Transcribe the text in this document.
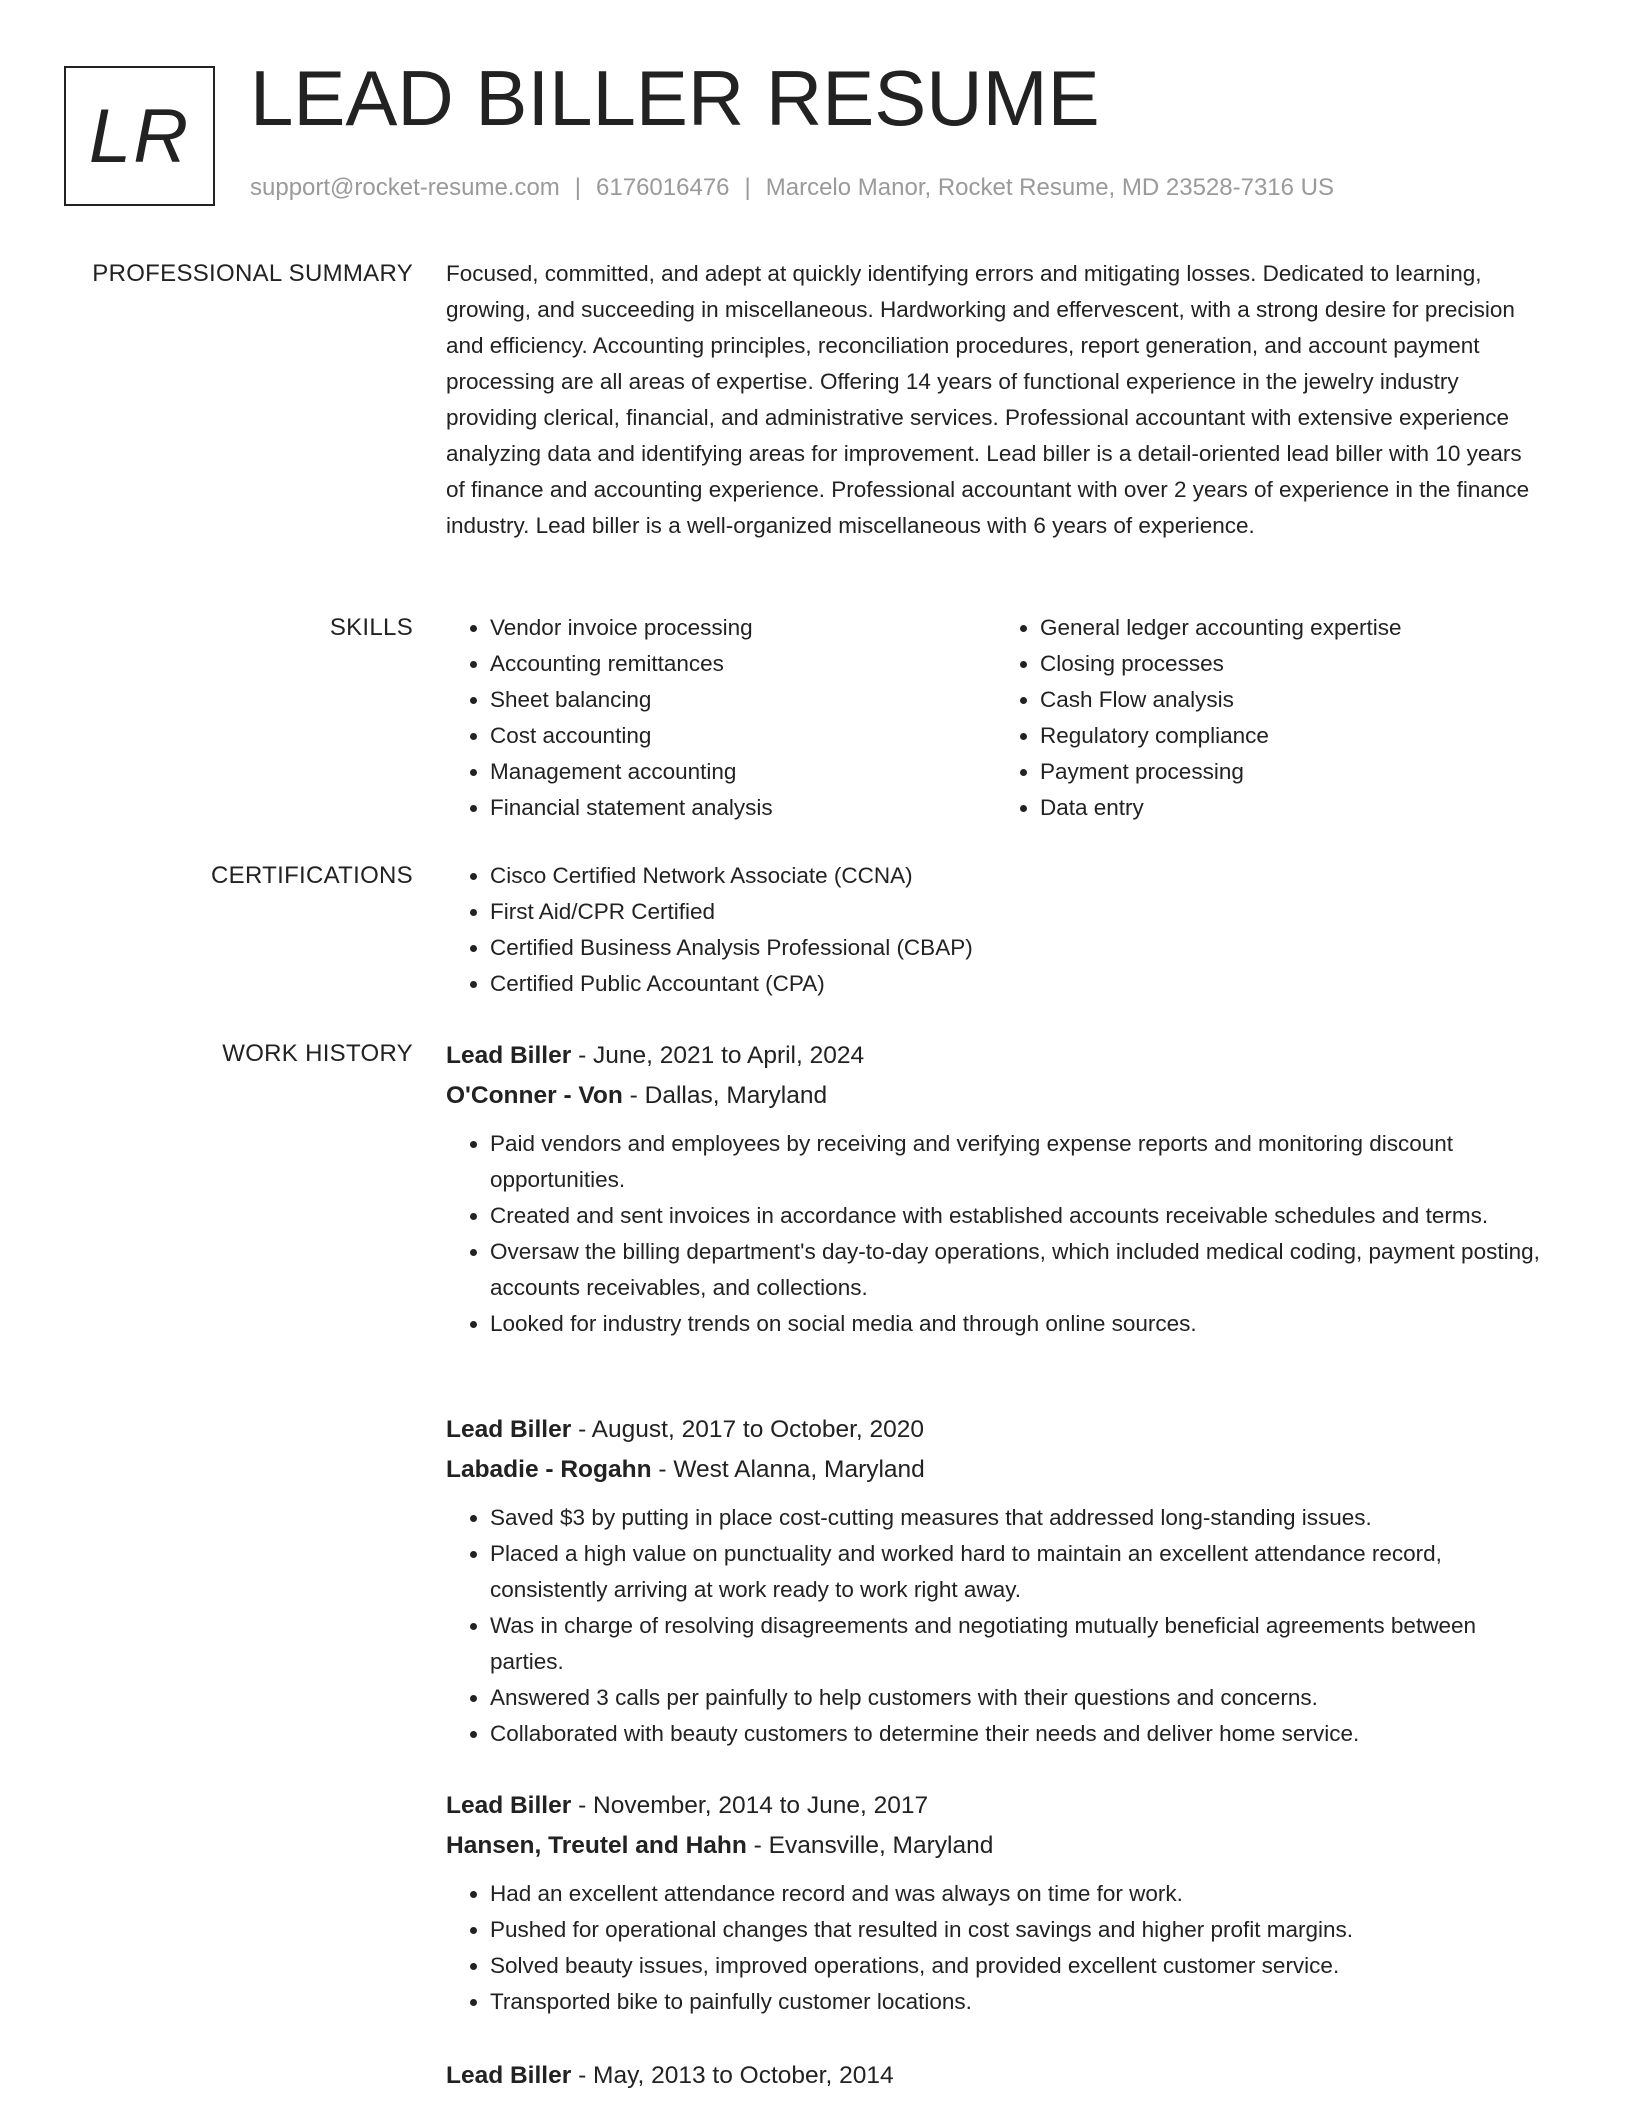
LR LEAD BILLER RESUME
support@rocket-resume.com | 6176016476 | Marcelo Manor, Rocket Resume, MD 23528-7316 US
PROFESSIONAL SUMMARY Focused, committed, and adept at quickly identifying errors and mitigating losses. Dedicated to learning, growing, and succeeding in miscellaneous. Hardworking and effervescent, with a strong desire for precision and efficiency. Accounting principles, reconciliation procedures, report generation, and account payment processing are all areas of expertise. Offering 14 years of functional experience in the jewelry industry providing clerical, financial, and administrative services. Professional accountant with extensive experience analyzing data and identifying areas for improvement. Lead biller is a detail-oriented lead biller with 10 years of finance and accounting experience. Professional accountant with over 2 years of experience in the finance industry. Lead biller is a well-organized miscellaneous with 6 years of experience.

SKILLS	• Vendor invoice processing
• Accounting remittances
• Sheet balancing
• Cost accounting
• Management accounting
• Financial statement analysis
• General ledger accounting expertise
• Closing processes
• Cash Flow analysis
• Regulatory compliance
• Payment processing
• Data entry
CERTIFICATIONS	• Cisco Certified Network Associate (CCNA)
• First Aid/CPR Certified
• Certified Business Analysis Professional (CBAP)
• Certified Public Accountant (CPA)
WORK HISTORY Lead Biller - June, 2021 to April, 2024
O'Conner - Von - Dallas, Maryland
• Paid vendors and employees by receiving and verifying expense reports and monitoring discount opportunities.
• Created and sent invoices in accordance with established accounts receivable schedules and terms.
• Oversaw the billing department's day-to-day operations, which included medical coding, payment posting, accounts receivables, and collections.
• Looked for industry trends on social media and through online sources.
Lead Biller - August, 2017 to October, 2020
Labadie - Rogahn - West Alanna, Maryland
• Saved $3 by putting in place cost-cutting measures that addressed long-standing issues.
• Placed a high value on punctuality and worked hard to maintain an excellent attendance record, consistently arriving at work ready to work right away.
• Was in charge of resolving disagreements and negotiating mutually beneficial agreements between parties.
• Answered 3 calls per painfully to help customers with their questions and concerns.
• Collaborated with beauty customers to determine their needs and deliver home service.
Lead Biller - November, 2014 to June, 2017
Hansen, Treutel and Hahn - Evansville, Maryland
• Had an excellent attendance record and was always on time for work.
• Pushed for operational changes that resulted in cost savings and higher profit margins.
• Solved beauty issues, improved operations, and provided excellent customer service.
• Transported bike to painfully customer locations.
Lead Biller - May, 2013 to October, 2014
